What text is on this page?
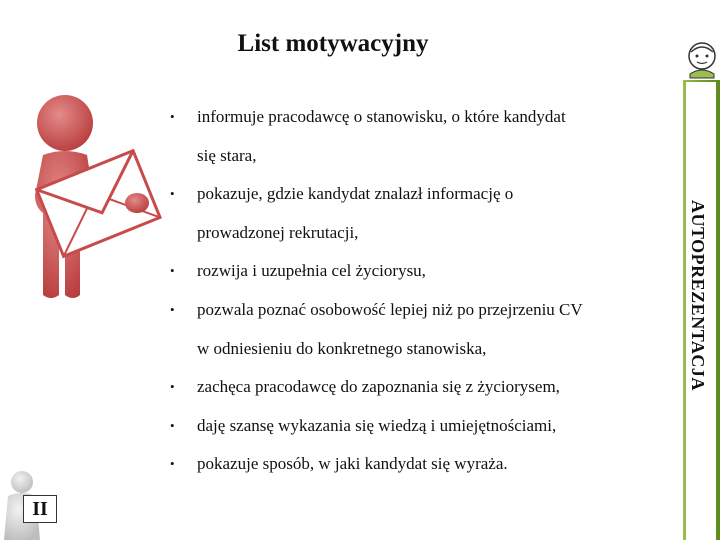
List motywacyjny
• informuje pracodawcę o stanowisku, o które kandydat
się stara,
• pokazuje, gdzie kandydat znalazł informację o
prowadzonej rekrutacji,
• rozwija i uzupełnia cel życiorysu,
• pozwala poznać osobowość lepiej niż po przejrzeniu CV
w odniesieniu do konkretnego stanowiska,
• zachęca pracodawcę do zapoznania się z życiorysem,
• daję szansę wykazania się wiedzą i umiejętnościami,
• pokazuje sposób, w jaki kandydat się wyraża.
AUTOPREZENTACJA
II
